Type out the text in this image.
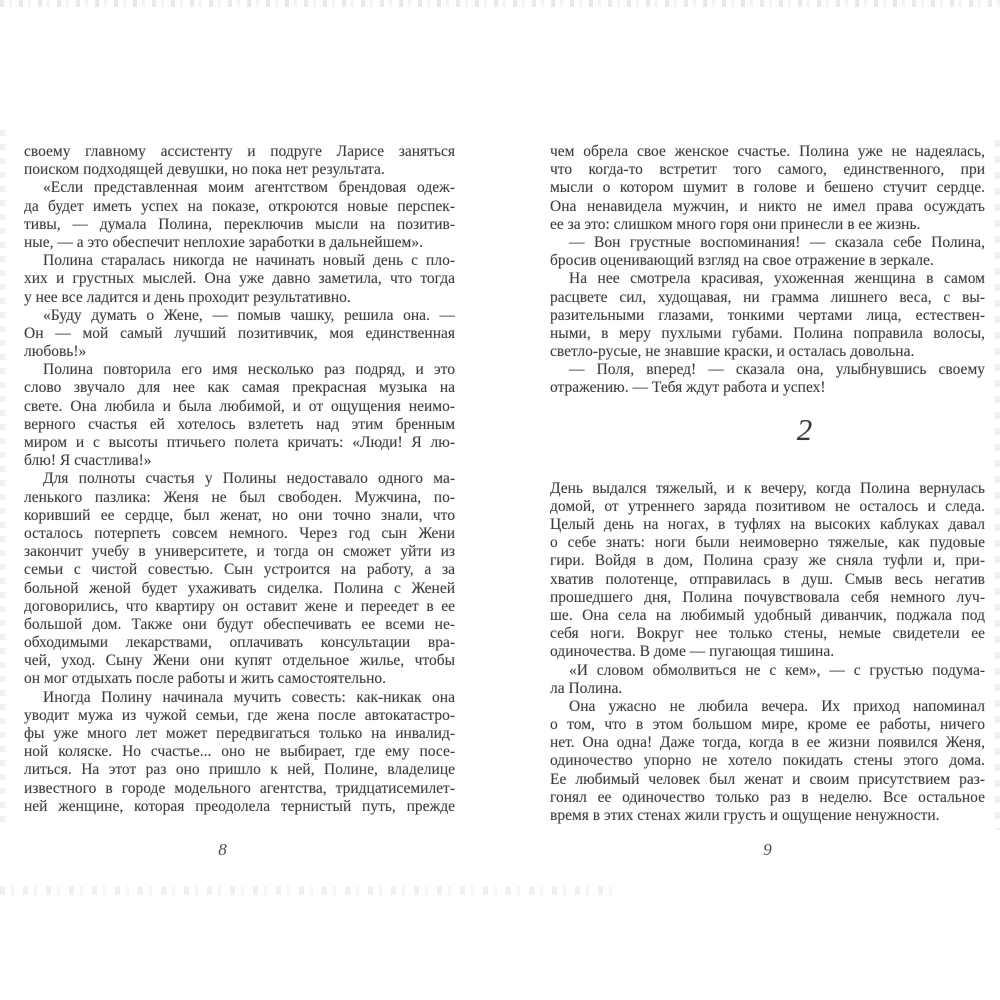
своему главному ассистенту и подруге Ларисе заняться
поиском подходящей девушки, но пока нет результата.
«Если представленная моим агентством брендовая одеж-
да будет иметь успех на показе, откроются новые перспек-
тивы, — думала Полина, переключив мысли на позитив-
ные, — а это обеспечит неплохие заработки в дальнейшем».
Полина старалась никогда не начинать новый день с пло-
хих и грустных мыслей. Она уже давно заметила, что тогда
у нее все ладится и день проходит результативно.
«Буду думать о Жене, — помыв чашку, решила она. —
Он — мой самый лучший позитивчик, моя единственная
любовь!»
Полина повторила его имя несколько раз подряд, и это
слово звучало для нее как самая прекрасная музыка на
свете. Она любила и была любимой, и от ощущения неимо-
верного счастья ей хотелось взлететь над этим бренным
миром и с высоты птичьего полета кричать: «Люди! Я лю-
блю! Я счастлива!»
Для полноты счастья у Полины недоставало одного ма-
ленького пазлика: Женя не был свободен. Мужчина, по-
коривший ее сердце, был женат, но они точно знали, что
осталось потерпеть совсем немного. Через год сын Жени
закончит учебу в университете, и тогда он сможет уйти из
семьи с чистой совестью. Сын устроится на работу, а за
больной женой будет ухаживать сиделка. Полина с Женей
договорились, что квартиру он оставит жене и переедет в ее
большой дом. Также они будут обеспечивать ее всеми не-
обходимыми лекарствами, оплачивать консультации вра-
чей, уход. Сыну Жени они купят отдельное жилье, чтобы
он мог отдыхать после работы и жить самостоятельно.
Иногда Полину начинала мучить совесть: как-никак она
уводит мужа из чужой семьи, где жена после автокатастро-
фы уже много лет может передвигаться только на инвалид-
ной коляске. Но счастье... оно не выбирает, где ему посе-
литься. На этот раз оно пришло к ней, Полине, владелице
известного в городе модельного агентства, тридцатисемилет-
ней женщине, которая преодолела тернистый путь, прежде
чем обрела свое женское счастье. Полина уже не надеялась,
что когда-то встретит того самого, единственного, при
мысли о котором шумит в голове и бешено стучит сердце.
Она ненавидела мужчин, и никто не имел права осуждать
ее за это: слишком много горя они принесли в ее жизнь.
— Вон грустные воспоминания! — сказала себе Полина,
бросив оценивающий взгляд на свое отражение в зеркале.
На нее смотрела красивая, ухоженная женщина в самом
расцвете сил, худощавая, ни грамма лишнего веса, с вы-
разительными глазами, тонкими чертами лица, естествен-
ными, в меру пухлыми губами. Полина поправила волосы,
светло-русые, не знавшие краски, и осталась довольна.
— Поля, вперед! — сказала она, улыбнувшись своему
отражению. — Тебя ждут работа и успех!
2
День выдался тяжелый, и к вечеру, когда Полина вернулась
домой, от утреннего заряда позитивом не осталось и следа.
Целый день на ногах, в туфлях на высоких каблуках давал
о себе знать: ноги были неимоверно тяжелые, как пудовые
гири. Войдя в дом, Полина сразу же сняла туфли и, при-
хватив полотенце, отправилась в душ. Смыв весь негатив
прошедшего дня, Полина почувствовала себя немного луч-
ше. Она села на любимый удобный диванчик, поджала под
себя ноги. Вокруг нее только стены, немые свидетели ее
одиночества. В доме — пугающая тишина.
«И словом обмолвиться не с кем», — с грустью подума-
ла Полина.
Она ужасно не любила вечера. Их приход напоминал
о том, что в этом большом мире, кроме ее работы, ничего
нет. Она одна! Даже тогда, когда в ее жизни появился Женя,
одиночество упорно не хотело покидать стены этого дома.
Ее любимый человек был женат и своим присутствием раз-
гонял ее одиночество только раз в неделю. Все остальное
время в этих стенах жили грусть и ощущение ненужности.
8	9
